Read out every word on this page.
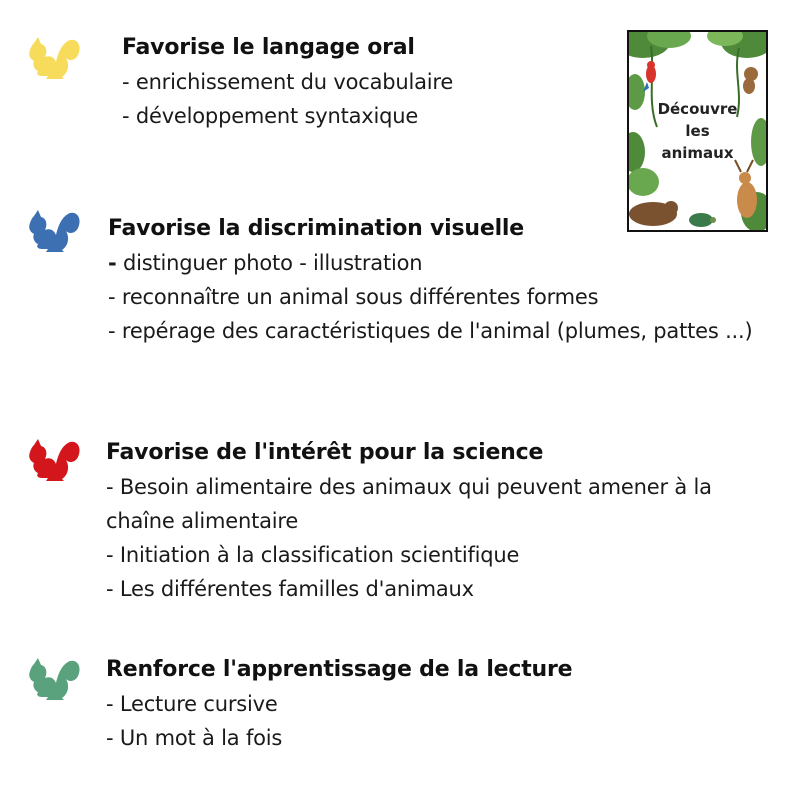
Favorise le langage oral
- enrichissement du vocabulaire
- développement syntaxique
Favorise la discrimination visuelle
- distinguer photo - illustration
- reconnaître un animal sous différentes formes
- repérage des caractéristiques de l'animal (plumes, pattes ...)
Favorise de l'intérêt pour la science
- Besoin alimentaire des animaux qui peuvent amener à la chaîne alimentaire
- Initiation à la classification scientifique
- Les différentes familles d'animaux
Renforce l'apprentissage de la lecture
- Lecture cursive
- Un mot à la fois
Découvre
les
animaux
